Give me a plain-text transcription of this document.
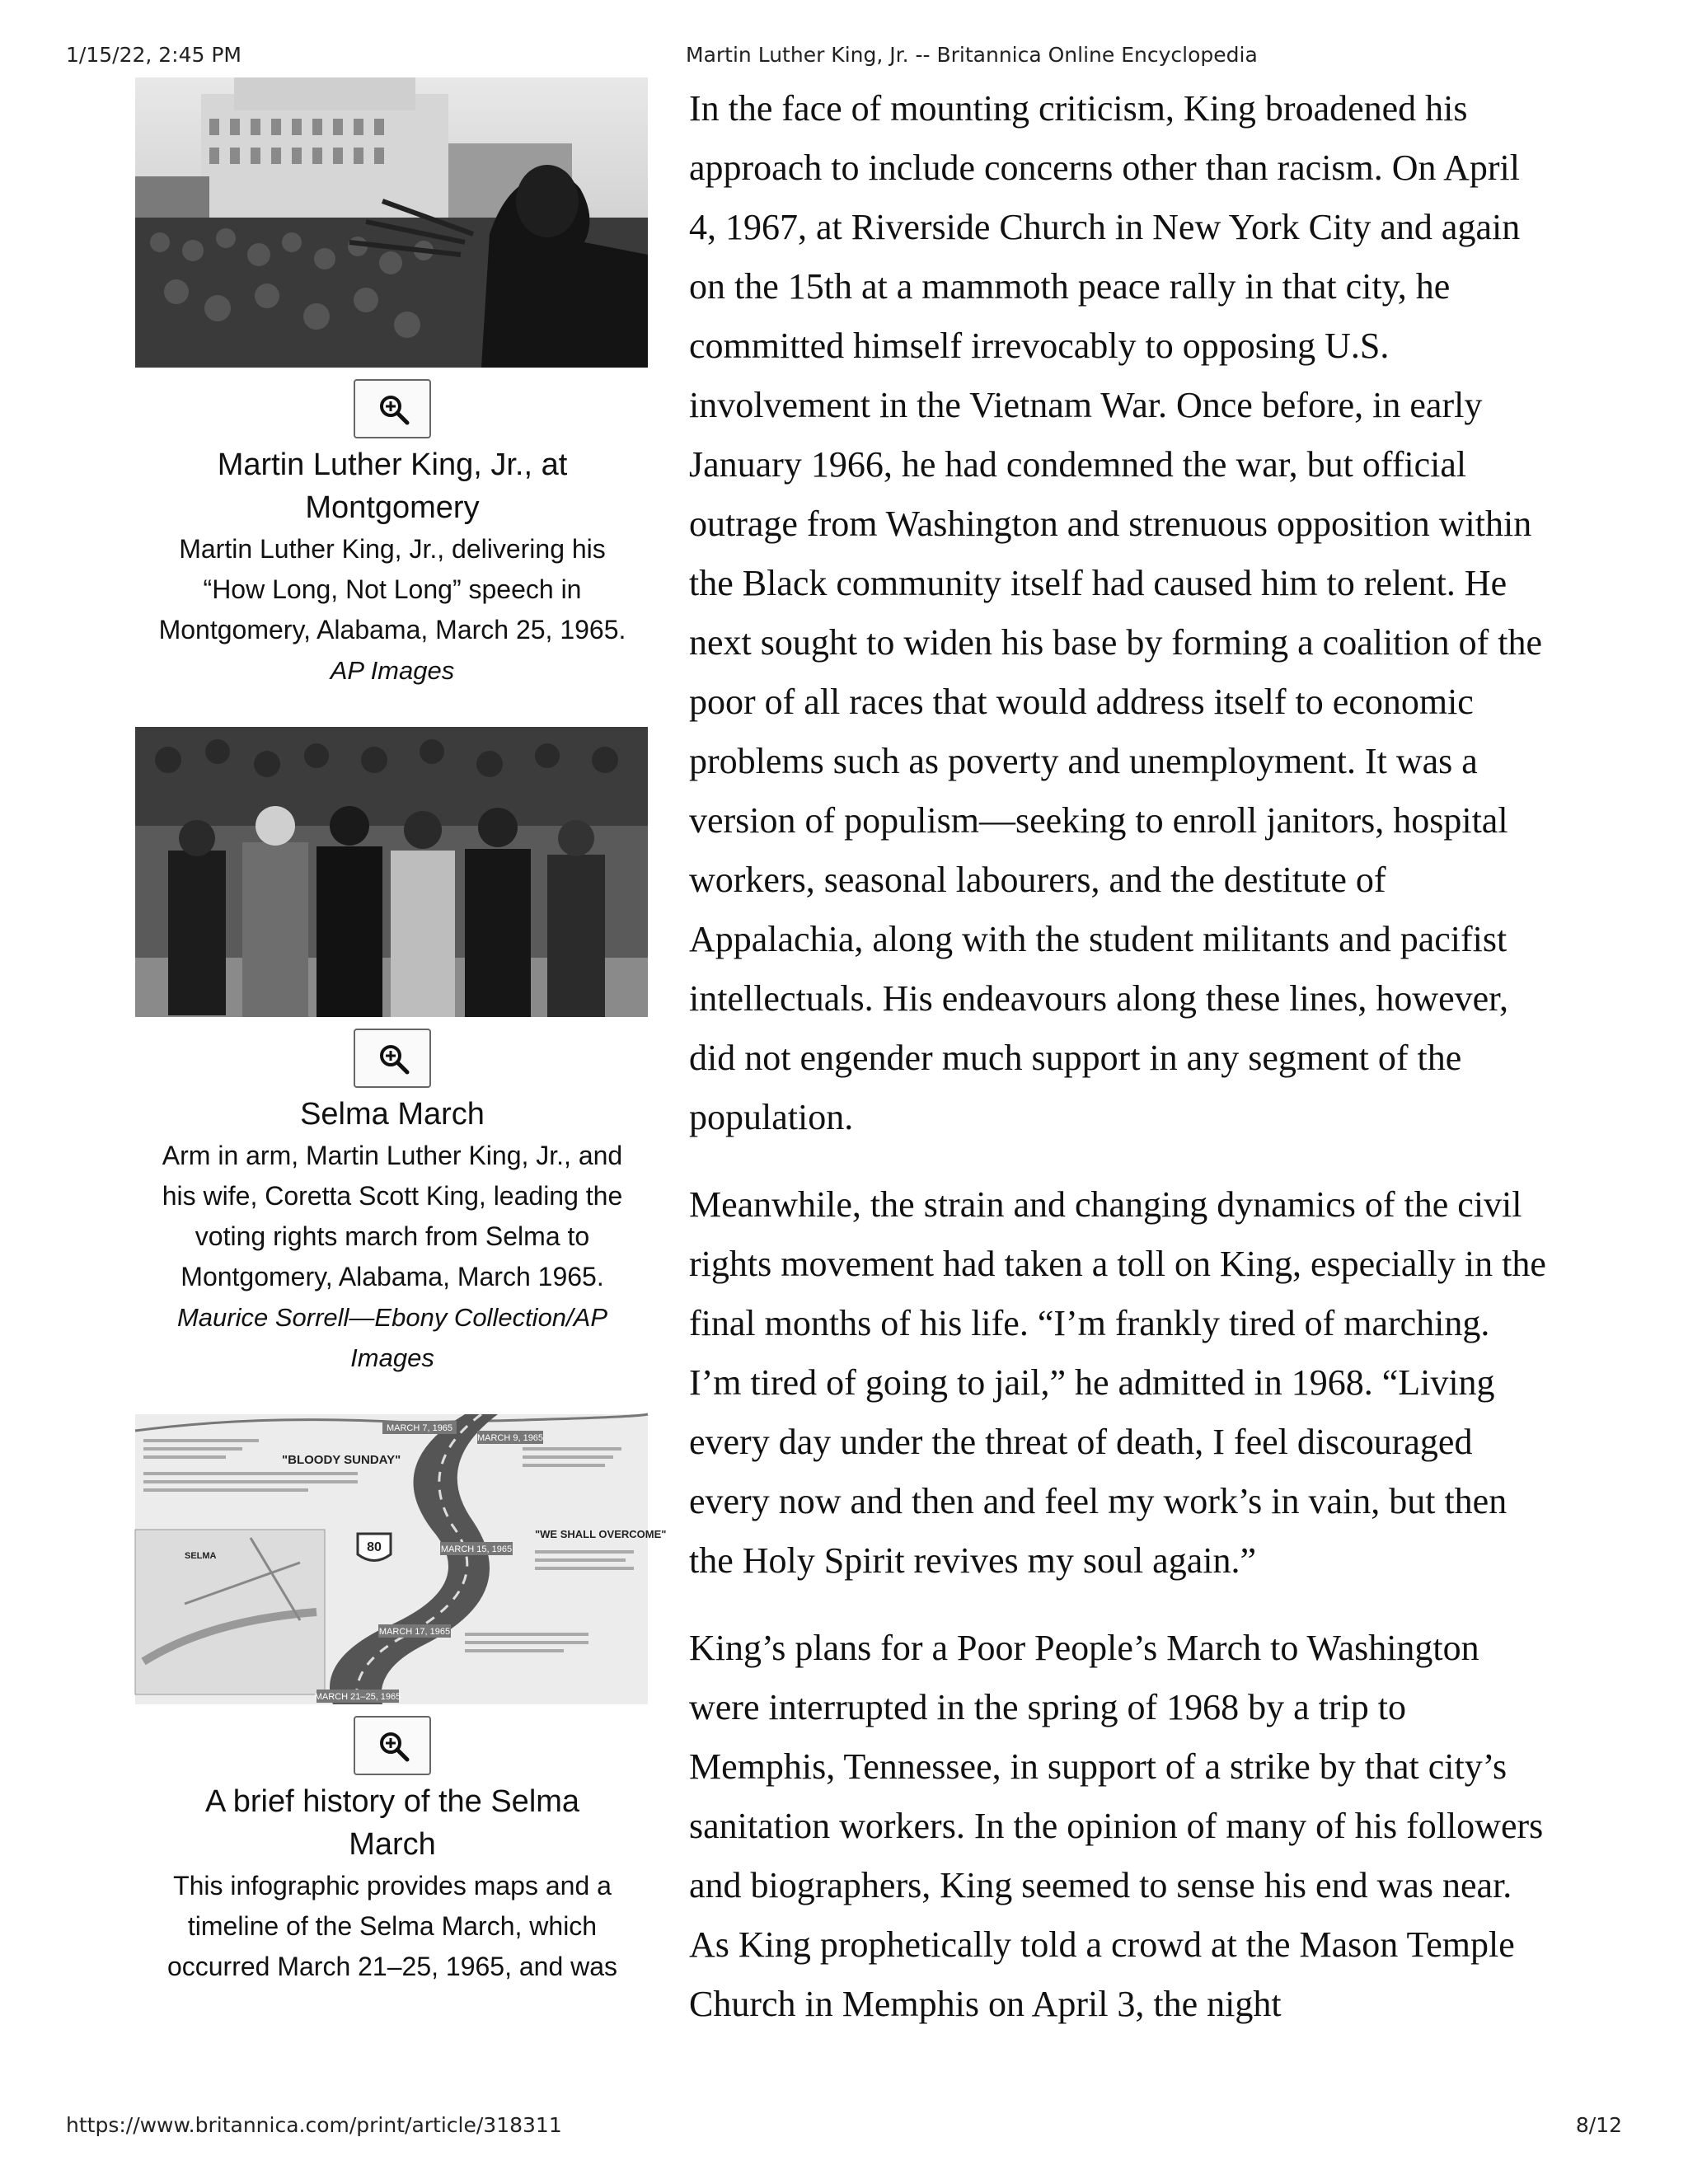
1/15/22, 2:45 PM	Martin Luther King, Jr. -- Britannica Online Encyclopedia
Martin Luther King, Jr., at Montgomery
Martin Luther King, Jr., delivering his “How Long, Not Long” speech in Montgomery, Alabama, March 25, 1965.
AP Images
Selma March
Arm in arm, Martin Luther King, Jr., and his wife, Coretta Scott King, leading the voting rights march from Selma to Montgomery, Alabama, March 1965.
Maurice Sorrell—Ebony Collection/AP Images
80
MARCH 7, 1965
MARCH 9, 1965
MARCH 15, 1965
MARCH 17, 1965
MARCH 21–25, 1965
"BLOODY SUNDAY"
"WE SHALL OVERCOME"
SELMA
A brief history of the Selma March
This infographic provides maps and a timeline of the Selma March, which occurred March 21–25, 1965, and was

In the face of mounting criticism, King broadened his approach to include concerns other than racism. On April 4, 1967, at Riverside Church in New York City and again on the 15th at a mammoth peace rally in that city, he committed himself irrevocably to opposing U.S. involvement in the Vietnam War. Once before, in early January 1966, he had condemned the war, but official outrage from Washington and strenuous opposition within the Black community itself had caused him to relent. He next sought to widen his base by forming a coalition of the poor of all races that would address itself to economic problems such as poverty and unemployment. It was a version of populism—seeking to enroll janitors, hospital workers, seasonal labourers, and the destitute of Appalachia, along with the student militants and pacifist intellectuals. His endeavours along these lines, however, did not engender much support in any segment of the population.

Meanwhile, the strain and changing dynamics of the civil rights movement had taken a toll on King, especially in the final months of his life. “I’m frankly tired of marching. I’m tired of going to jail,” he admitted in 1968. “Living every day under the threat of death, I feel discouraged every now and then and feel my work’s in vain, but then the Holy Spirit revives my soul again.”

King’s plans for a Poor People’s March to Washington were interrupted in the spring of 1968 by a trip to Memphis, Tennessee, in support of a strike by that city’s sanitation workers. In the opinion of many of his followers and biographers, King seemed to sense his end was near. As King prophetically told a crowd at the Mason Temple Church in Memphis on April 3, the night

https://www.britannica.com/print/article/318311	8/12
